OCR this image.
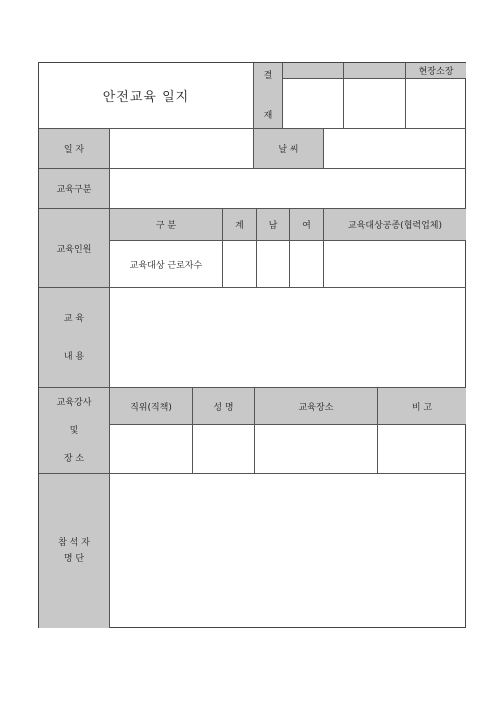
안전교육 일지
결
재
현장소장
일 자	날 씨
교육구분
교육인원
구 분	계	남	여	교육대상공종(협력업체)
교육대상 근로자수
교 육
내 용
교육강사
및
장 소
직위(직책)	성 명	교육장소	비 고
참 석 자
명 단
